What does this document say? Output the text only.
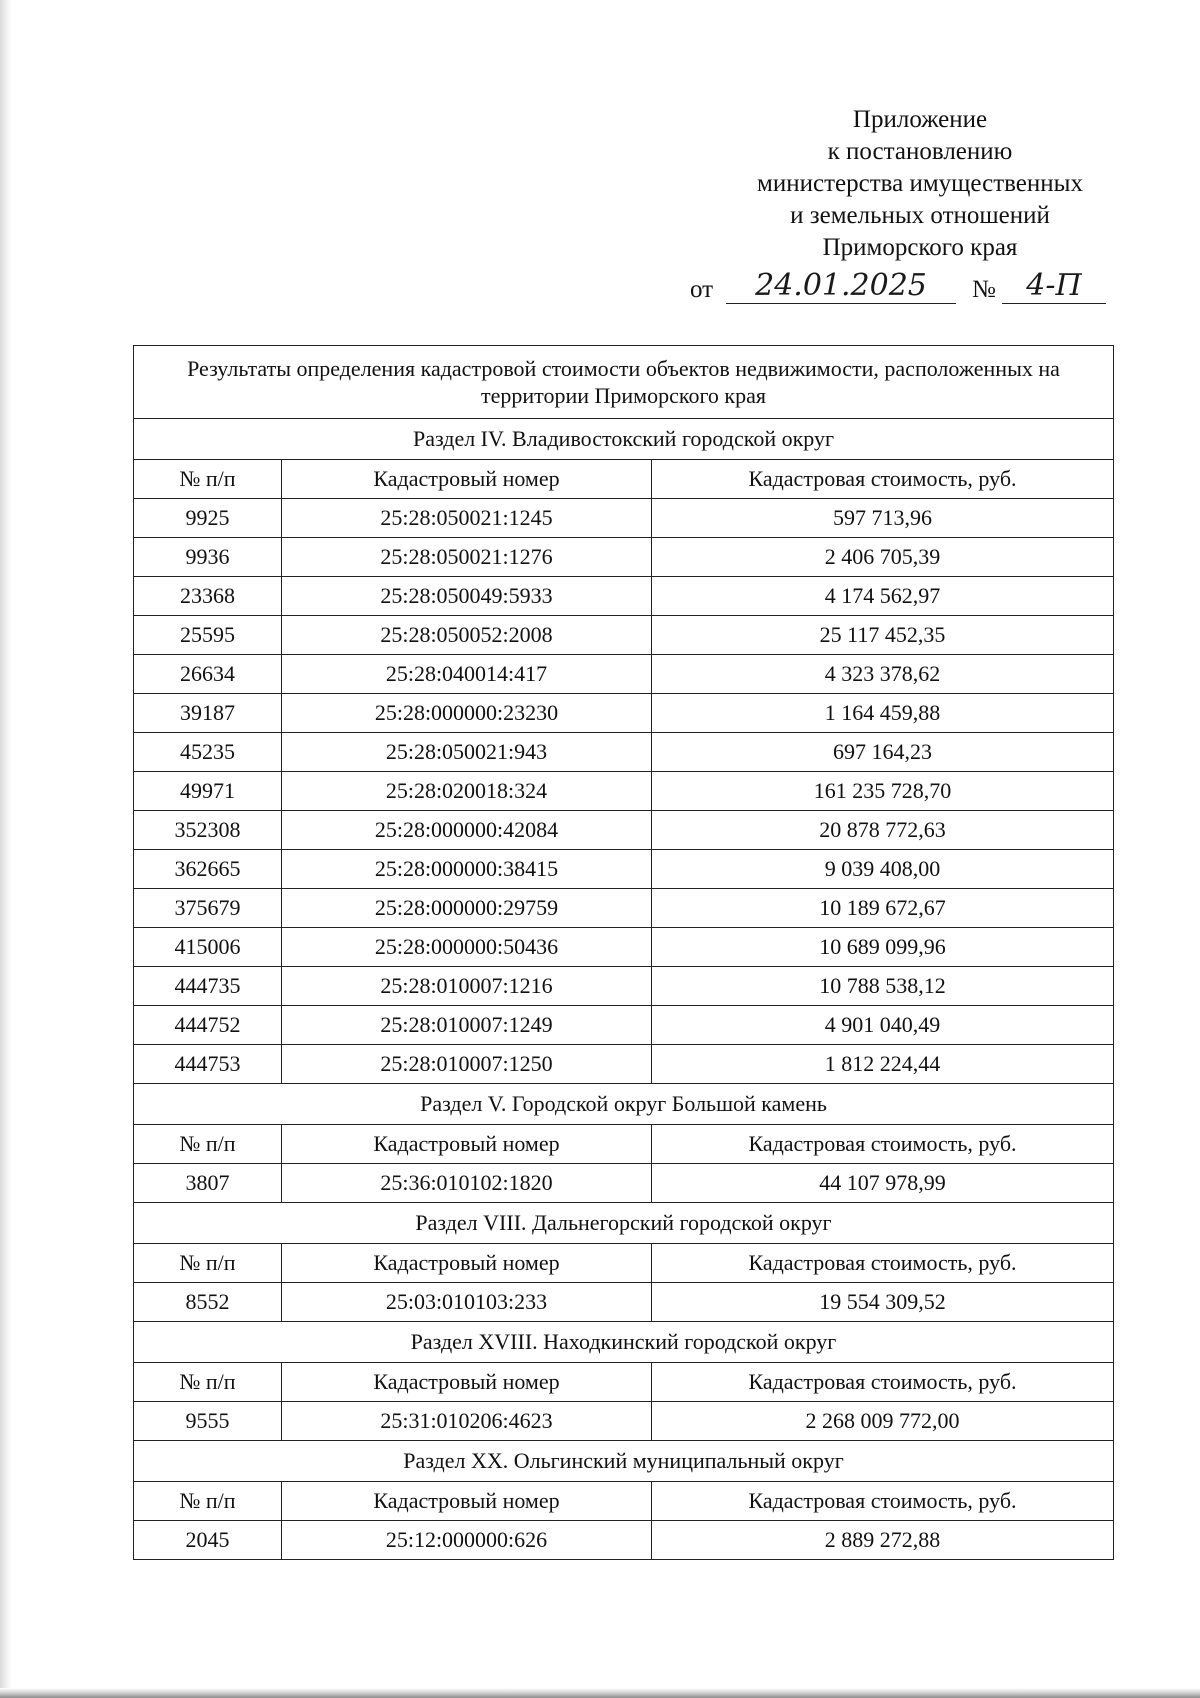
Приложение
к постановлению
министерства имущественных
и земельных отношений
Приморского края
от	24.01.2025	№	4-П
Результаты определения кадастровой стоимости объектов недвижимости, расположенных на территории Приморского края		
Раздел IV. Владивостокский городской округ		
№ п/п	Кадастровый номер	Кадастровая стоимость, руб.
9925	25:28:050021:1245	597 713,96
9936	25:28:050021:1276	2 406 705,39
23368	25:28:050049:5933	4 174 562,97
25595	25:28:050052:2008	25 117 452,35
26634	25:28:040014:417	4 323 378,62
39187	25:28:000000:23230	1 164 459,88
45235	25:28:050021:943	697 164,23
49971	25:28:020018:324	161 235 728,70
352308	25:28:000000:42084	20 878 772,63
362665	25:28:000000:38415	9 039 408,00
375679	25:28:000000:29759	10 189 672,67
415006	25:28:000000:50436	10 689 099,96
444735	25:28:010007:1216	10 788 538,12
444752	25:28:010007:1249	4 901 040,49
444753	25:28:010007:1250	1 812 224,44
Раздел V. Городской округ Большой камень		
№ п/п	Кадастровый номер	Кадастровая стоимость, руб.
3807	25:36:010102:1820	44 107 978,99
Раздел VIII. Дальнегорский городской округ		
№ п/п	Кадастровый номер	Кадастровая стоимость, руб.
8552	25:03:010103:233	19 554 309,52
Раздел XVIII. Находкинский городской округ		
№ п/п	Кадастровый номер	Кадастровая стоимость, руб.
9555	25:31:010206:4623	2 268 009 772,00
Раздел XX. Ольгинский муниципальный округ		
№ п/п	Кадастровый номер	Кадастровая стоимость, руб.
2045	25:12:000000:626	2 889 272,88
